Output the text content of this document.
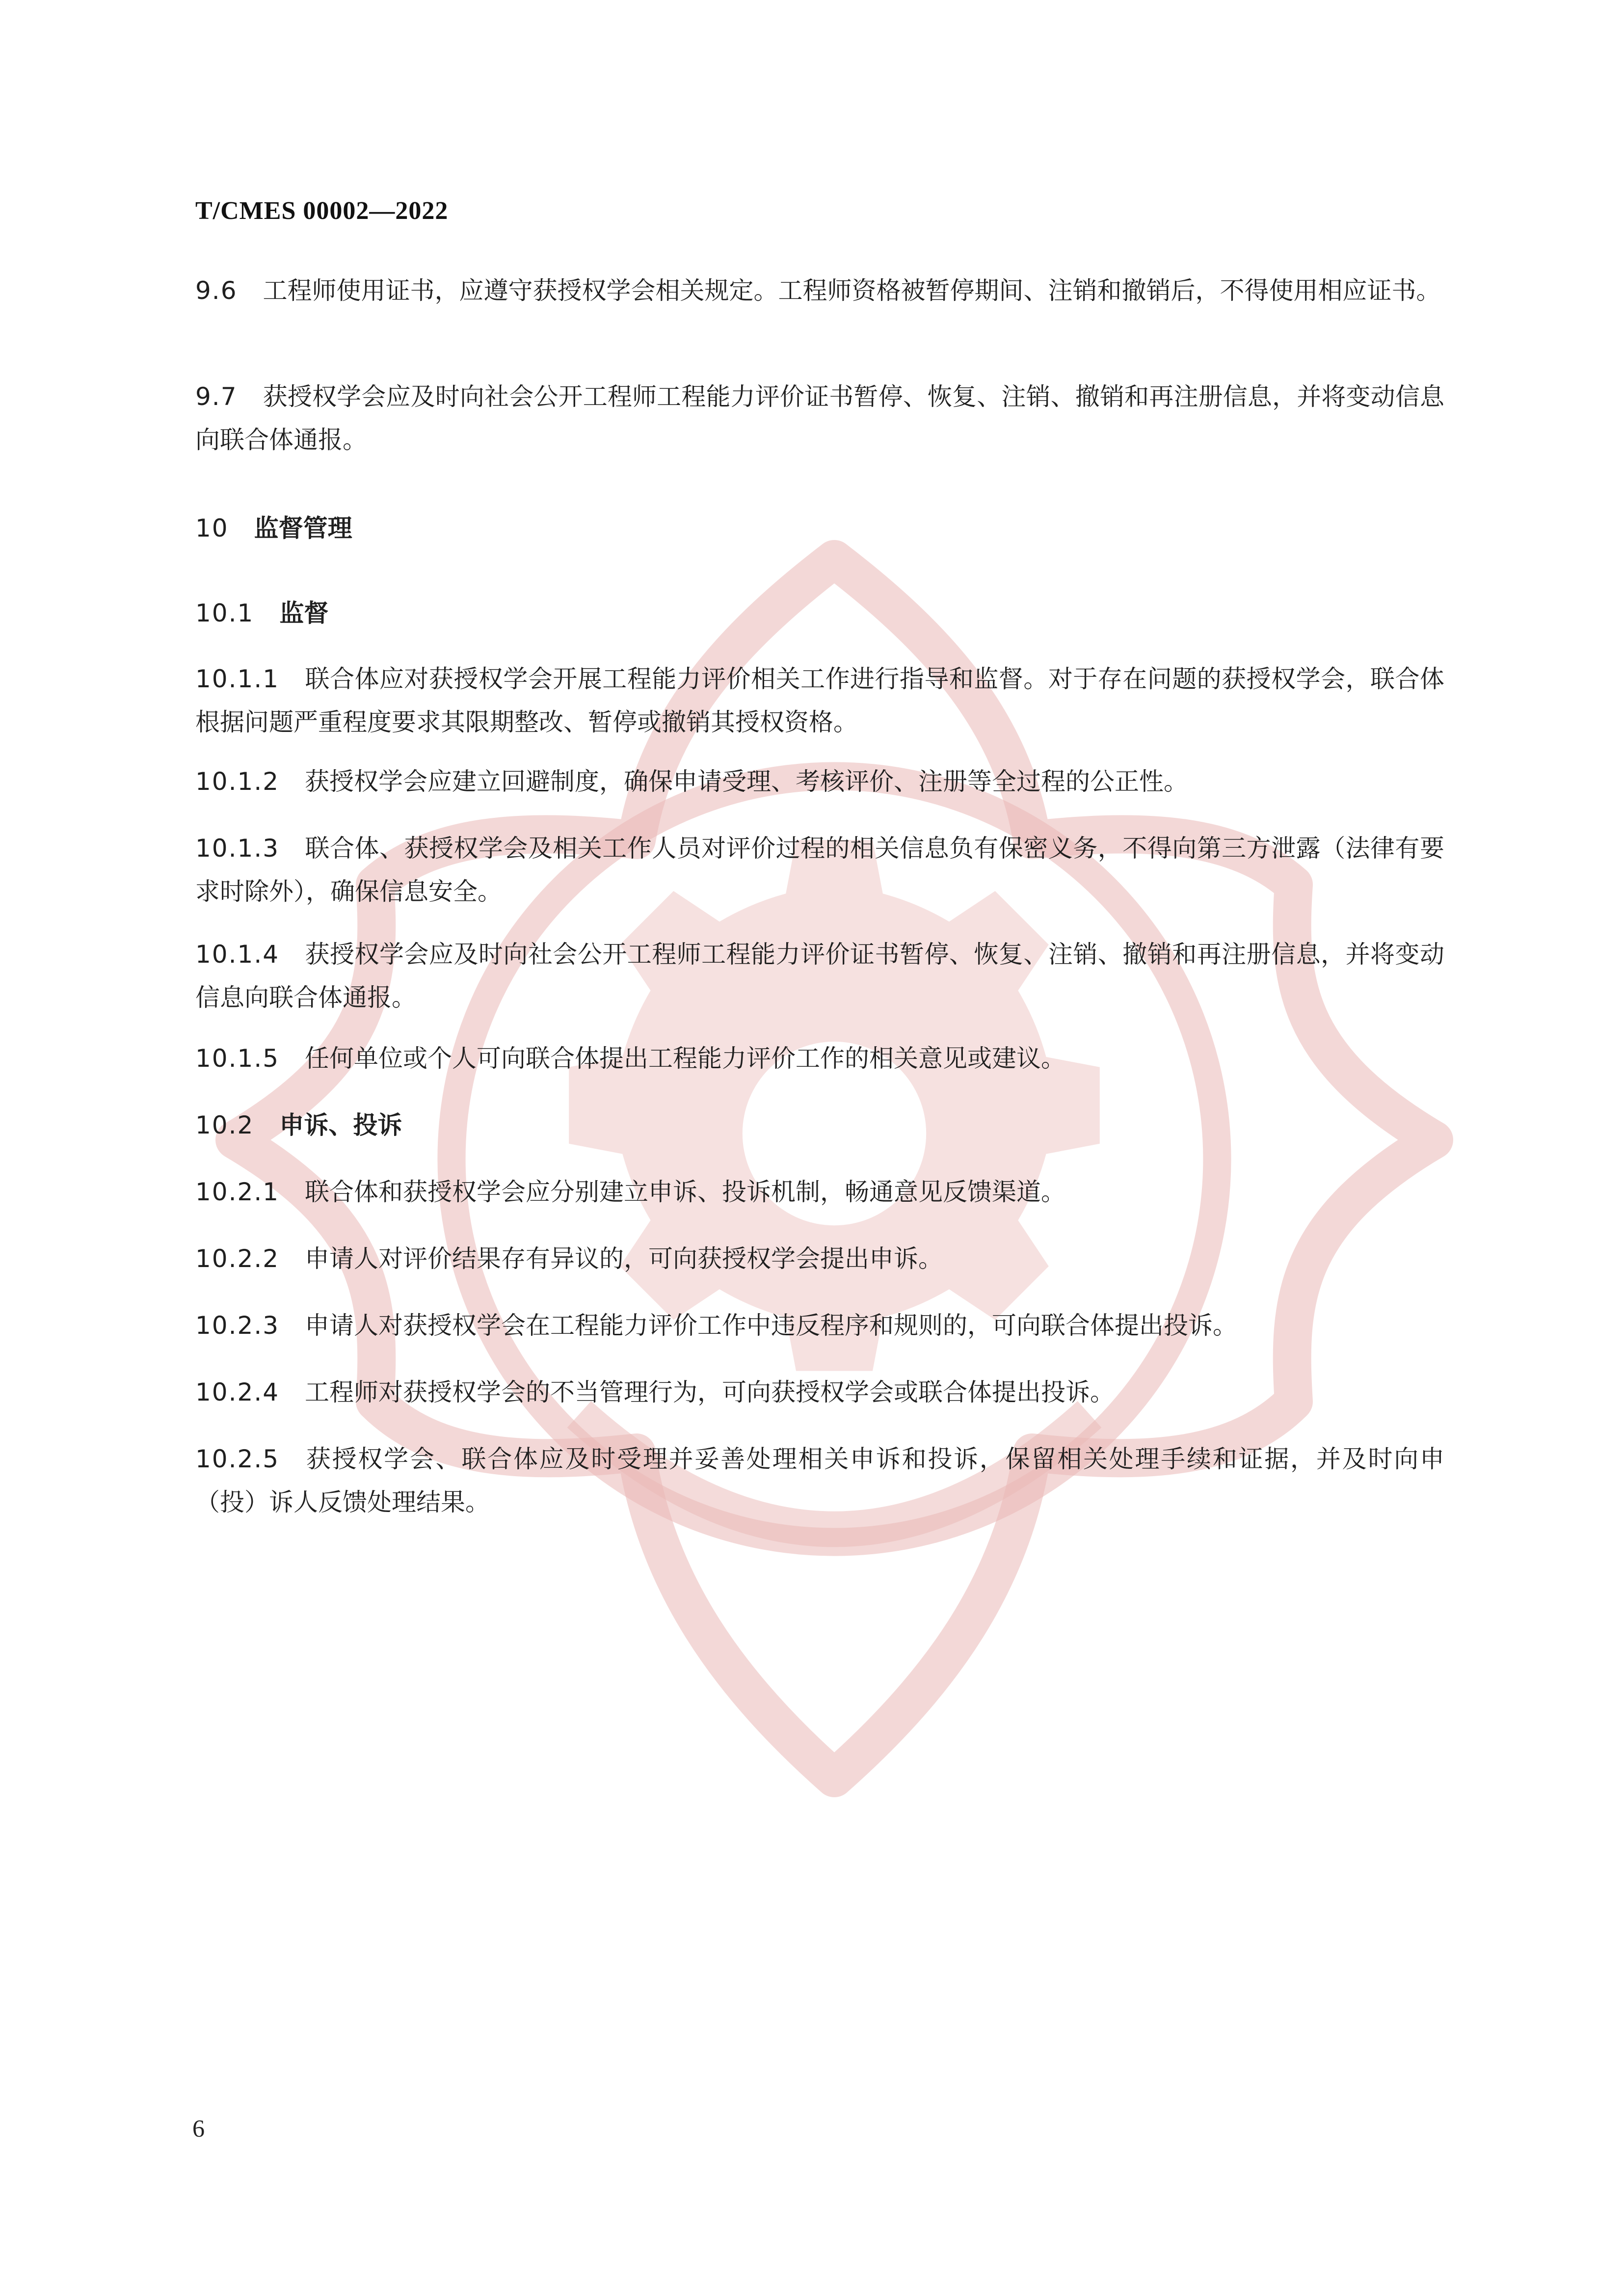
T/CMES 00002—2022

9.6 工程师使用证书，应遵守获授权学会相关规定。工程师资格被暂停期间、注销和撤销后，不得使用相应证书。

9.7 获授权学会应及时向社会公开工程师工程能力评价证书暂停、恢复、注销、撤销和再注册信息，并将变动信息向联合体通报。

10 监督管理

10.1 监督

10.1.1 联合体应对获授权学会开展工程能力评价相关工作进行指导和监督。对于存在问题的获授权学会，联合体根据问题严重程度要求其限期整改、暂停或撤销其授权资格。

10.1.2 获授权学会应建立回避制度，确保申请受理、考核评价、注册等全过程的公正性。

10.1.3 联合体、获授权学会及相关工作人员对评价过程的相关信息负有保密义务，不得向第三方泄露（法律有要求时除外），确保信息安全。

10.1.4 获授权学会应及时向社会公开工程师工程能力评价证书暂停、恢复、注销、撤销和再注册信息，并将变动信息向联合体通报。

10.1.5 任何单位或个人可向联合体提出工程能力评价工作的相关意见或建议。

10.2 申诉、投诉

10.2.1 联合体和获授权学会应分别建立申诉、投诉机制，畅通意见反馈渠道。

10.2.2 申请人对评价结果存有异议的，可向获授权学会提出申诉。

10.2.3 申请人对获授权学会在工程能力评价工作中违反程序和规则的，可向联合体提出投诉。

10.2.4 工程师对获授权学会的不当管理行为，可向获授权学会或联合体提出投诉。

10.2.5 获授权学会、联合体应及时受理并妥善处理相关申诉和投诉，保留相关处理手续和证据，并及时向申（投）诉人反馈处理结果。

6
